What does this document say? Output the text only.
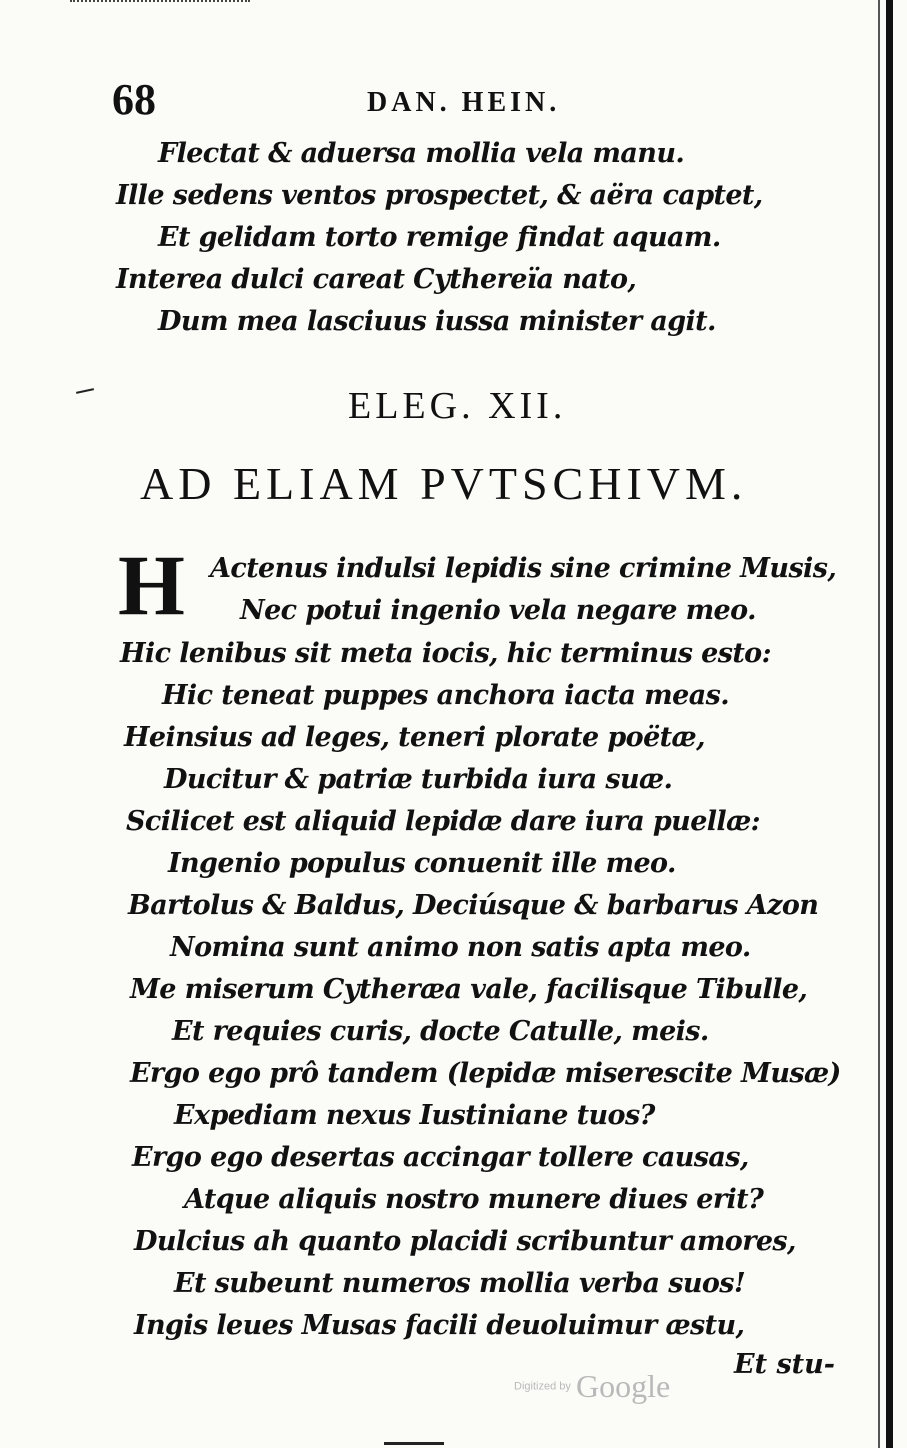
68	DAN. HEIN.
Flectat & aduersa mollia vela manu.
Ille sedens ventos prospectet, & aëra captet,
Et gelidam torto remige findat aquam.
Interea dulci careat Cythereïa nato,
Dum mea lasciuus iussa minister agit.
ELEG. XII.
AD ELIAM PVTSCHIVM.
H Actenus indulsi lepidis sine crimine Musis,
Nec potui ingenio vela negare meo.
Hic lenibus sit meta iocis, hic terminus esto:
Hic teneat puppes anchora iacta meas.
Heinsius ad leges, teneri plorate poëtæ,
Ducitur & patriæ turbida iura suæ.
Scilicet est aliquid lepidæ dare iura puellæ:
Ingenio populus conuenit ille meo.
Bartolus & Baldus, Deciúsque & barbarus Azon
Nomina sunt animo non satis apta meo.
Me miserum Cytheræa vale, facilisque Tibulle,
Et requies curis, docte Catulle, meis.
Ergo ego prô tandem (lepidæ miserescite Musæ)
Expediam nexus Iustiniane tuos?
Ergo ego desertas accingar tollere causas,
Atque aliquis nostro munere diues erit?
Dulcius ah quanto placidi scribuntur amores,
Et subeunt numeros mollia verba suos!
Ingis leues Musas facili deuoluimur æstu,
Et stu-
Digitized by Google
